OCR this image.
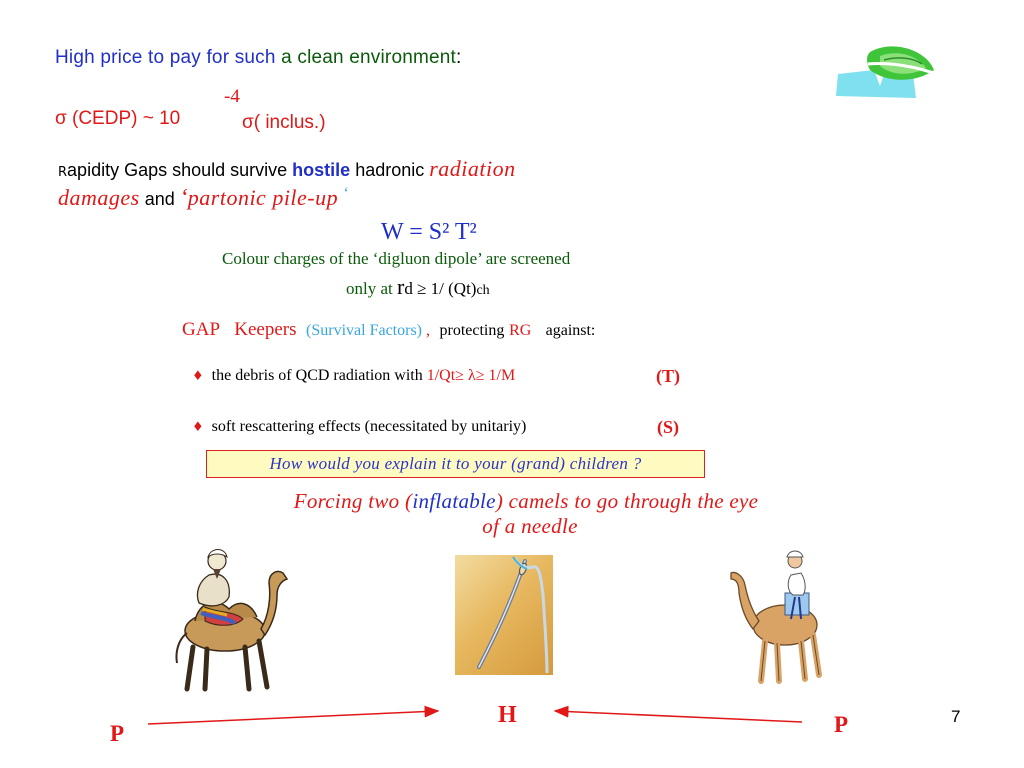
High price to pay for such a clean environment:
σ (CEDP) ~ 10
-4
σ( inclus.)
Rapidity Gaps should survive hostile hadronic radiation
damages and ‘partonic pile-up ‘
W = S² T²
Colour charges of the ‘digluon dipole’ are screened
only at rd ≥ 1/ (Qt)ch
GAP Keepers (Survival Factors) , protecting RG against:
♦ the debris of QCD radiation with 1/Qt≥ λ≥ 1/M	(T)
♦ soft rescattering effects (necessitated by unitariy)	(S)
How would you explain it to your (grand) children ?
Forcing two (inflatable) camels to go through the eye
of a needle
P
H	P	7
